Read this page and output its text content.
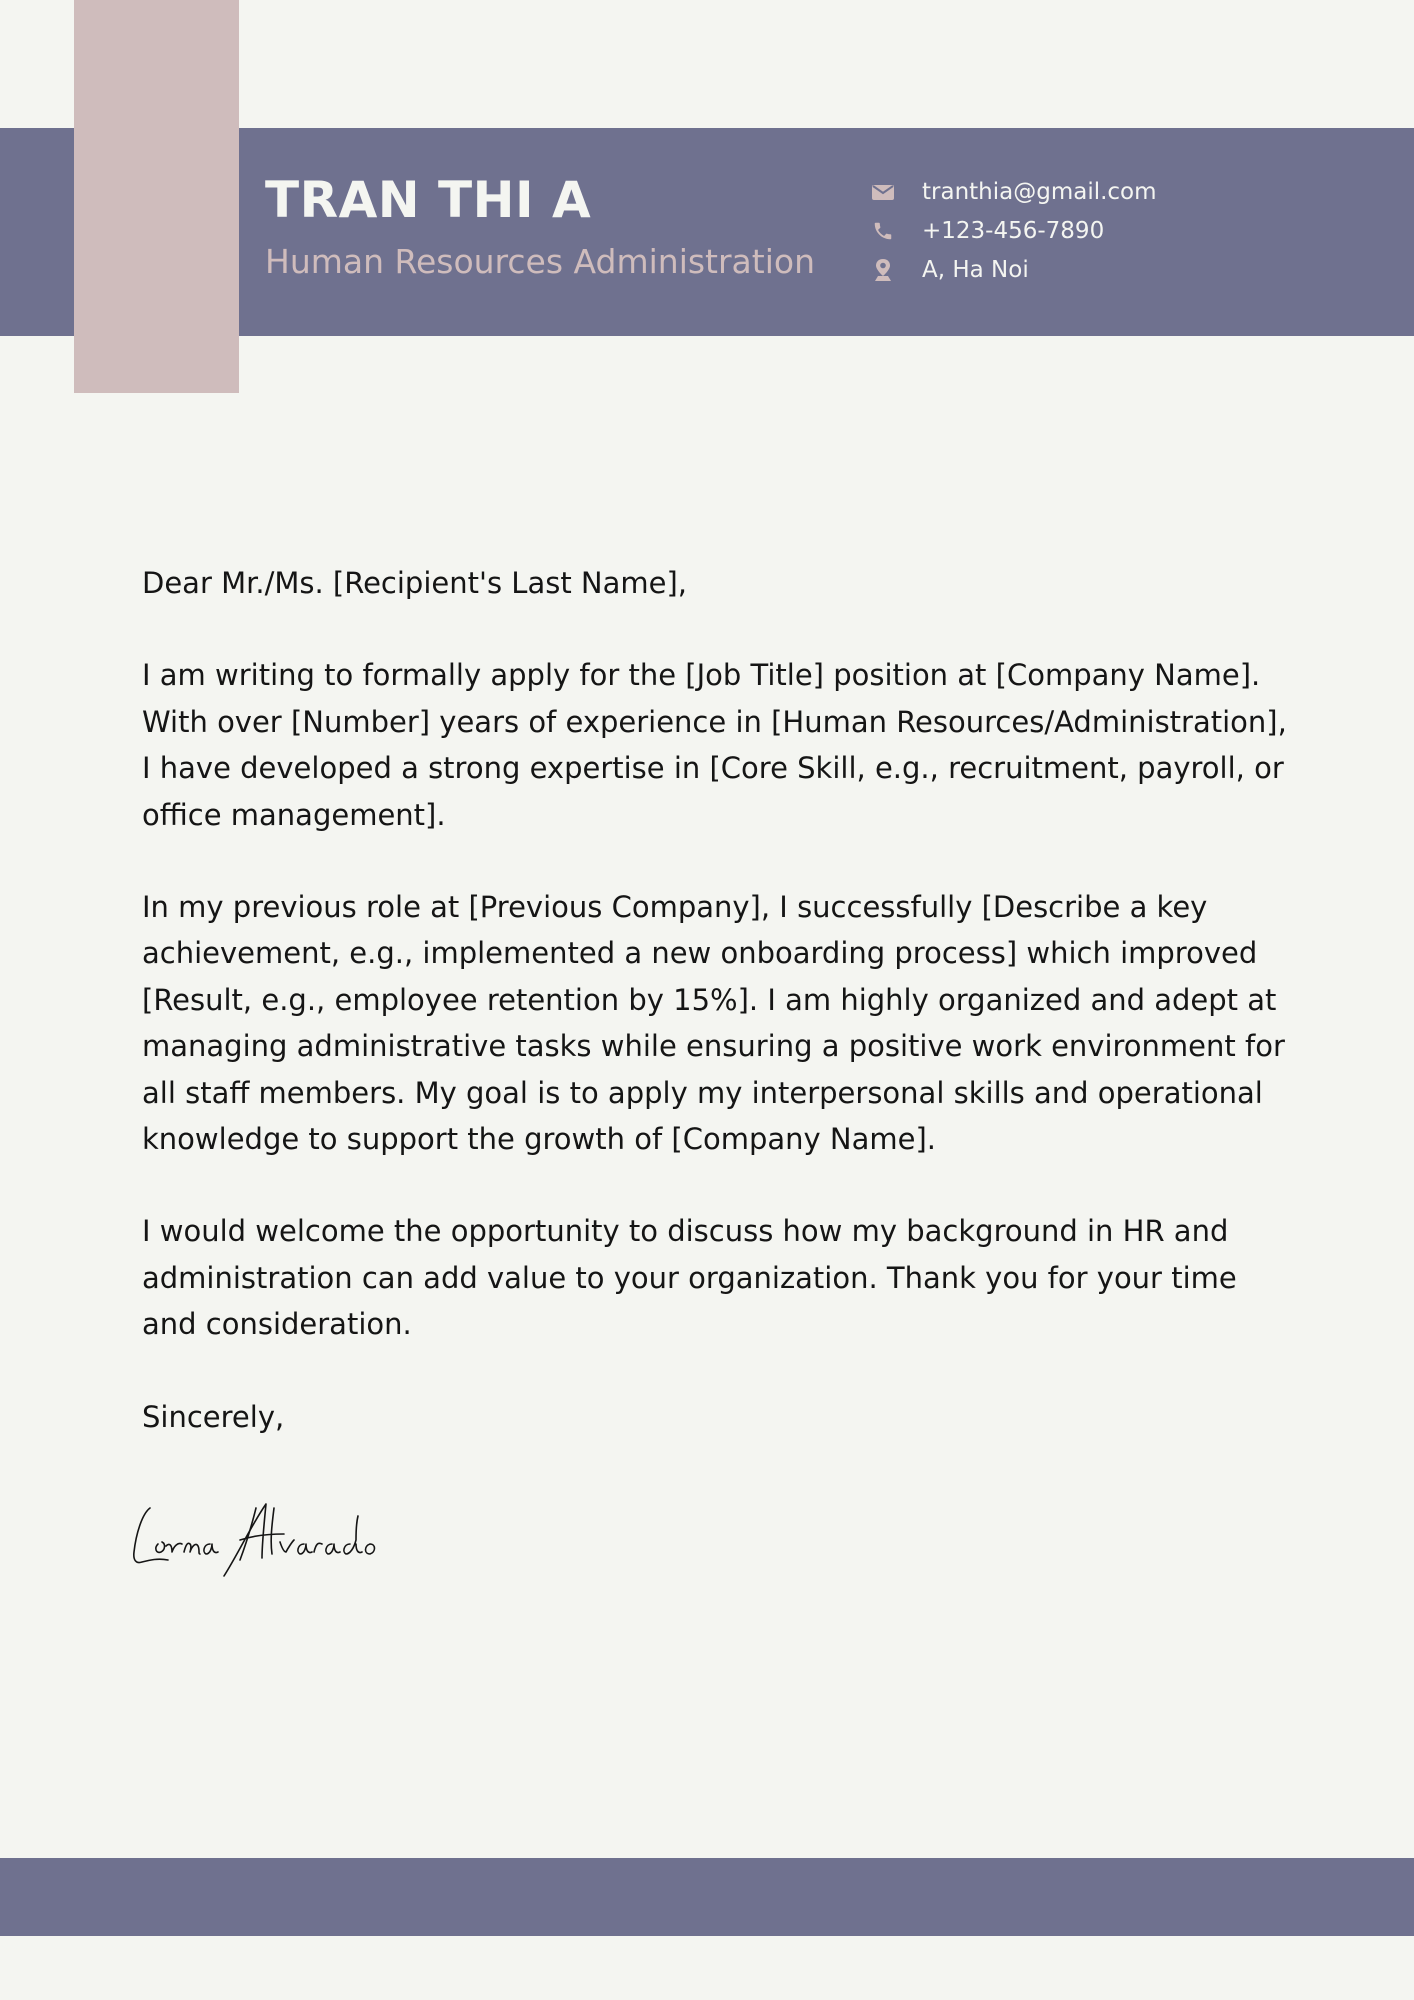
TRAN THI A
Human Resources Administration
tranthia@gmail.com
+123-456-7890
A, Ha Noi

Dear Mr./Ms. [Recipient's Last Name],

I am writing to formally apply for the [Job Title] position at [Company Name]. With over [Number] years of experience in [Human Resources/Administration], I have developed a strong expertise in [Core Skill, e.g., recruitment, payroll, or office management].

In my previous role at [Previous Company], I successfully [Describe a key achievement, e.g., implemented a new onboarding process] which improved [Result, e.g., employee retention by 15%]. I am highly organized and adept at managing administrative tasks while ensuring a positive work environment for all staff members. My goal is to apply my interpersonal skills and operational knowledge to support the growth of [Company Name].

I would welcome the opportunity to discuss how my background in HR and administration can add value to your organization. Thank you for your time and consideration.

Sincerely,
